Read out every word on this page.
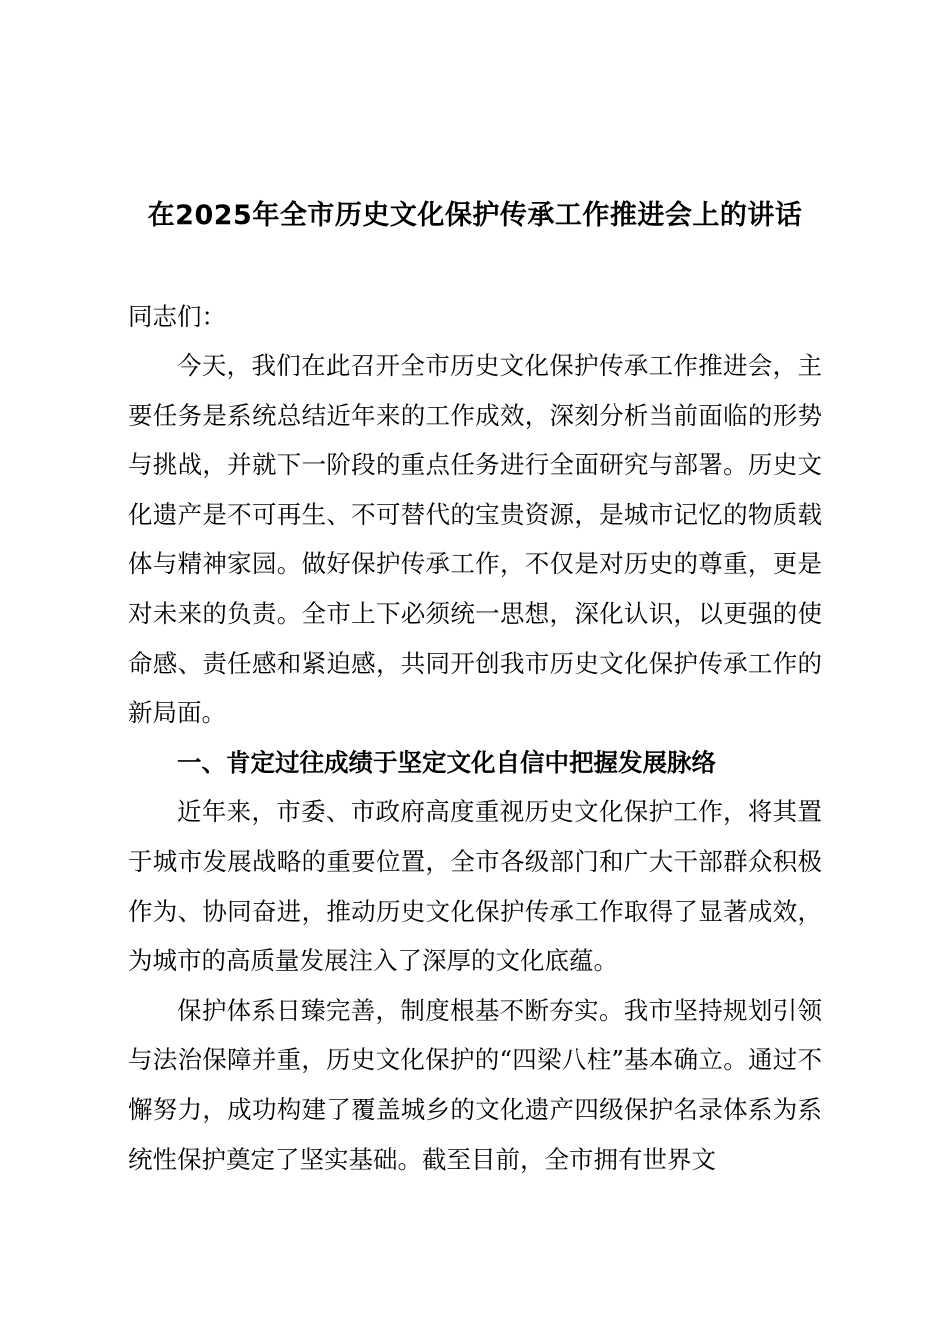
在2025年全市历史文化保护传承工作推进会上的讲话
同志们：

今天，我们在此召开全市历史文化保护传承工作推进会，主要任务是系统总结近年来的工作成效，深刻分析当前面临的形势与挑战，并就下一阶段的重点任务进行全面研究与部署。历史文化遗产是不可再生、不可替代的宝贵资源，是城市记忆的物质载体与精神家园。做好保护传承工作，不仅是对历史的尊重，更是对未来的负责。全市上下必须统一思想，深化认识，以更强的使命感、责任感和紧迫感，共同开创我市历史文化保护传承工作的新局面。

一、肯定过往成绩于坚定文化自信中把握发展脉络

近年来，市委、市政府高度重视历史文化保护工作，将其置于城市发展战略的重要位置，全市各级部门和广大干部群众积极作为、协同奋进，推动历史文化保护传承工作取得了显著成效，为城市的高质量发展注入了深厚的文化底蕴。

保护体系日臻完善，制度根基不断夯实。我市坚持规划引领与法治保障并重，历史文化保护的“四梁八柱”基本确立。通过不懈努力，成功构建了覆盖城乡的文化遗产四级保护名录体系为系统性保护奠定了坚实基础。截至目前，全市拥有世界文
